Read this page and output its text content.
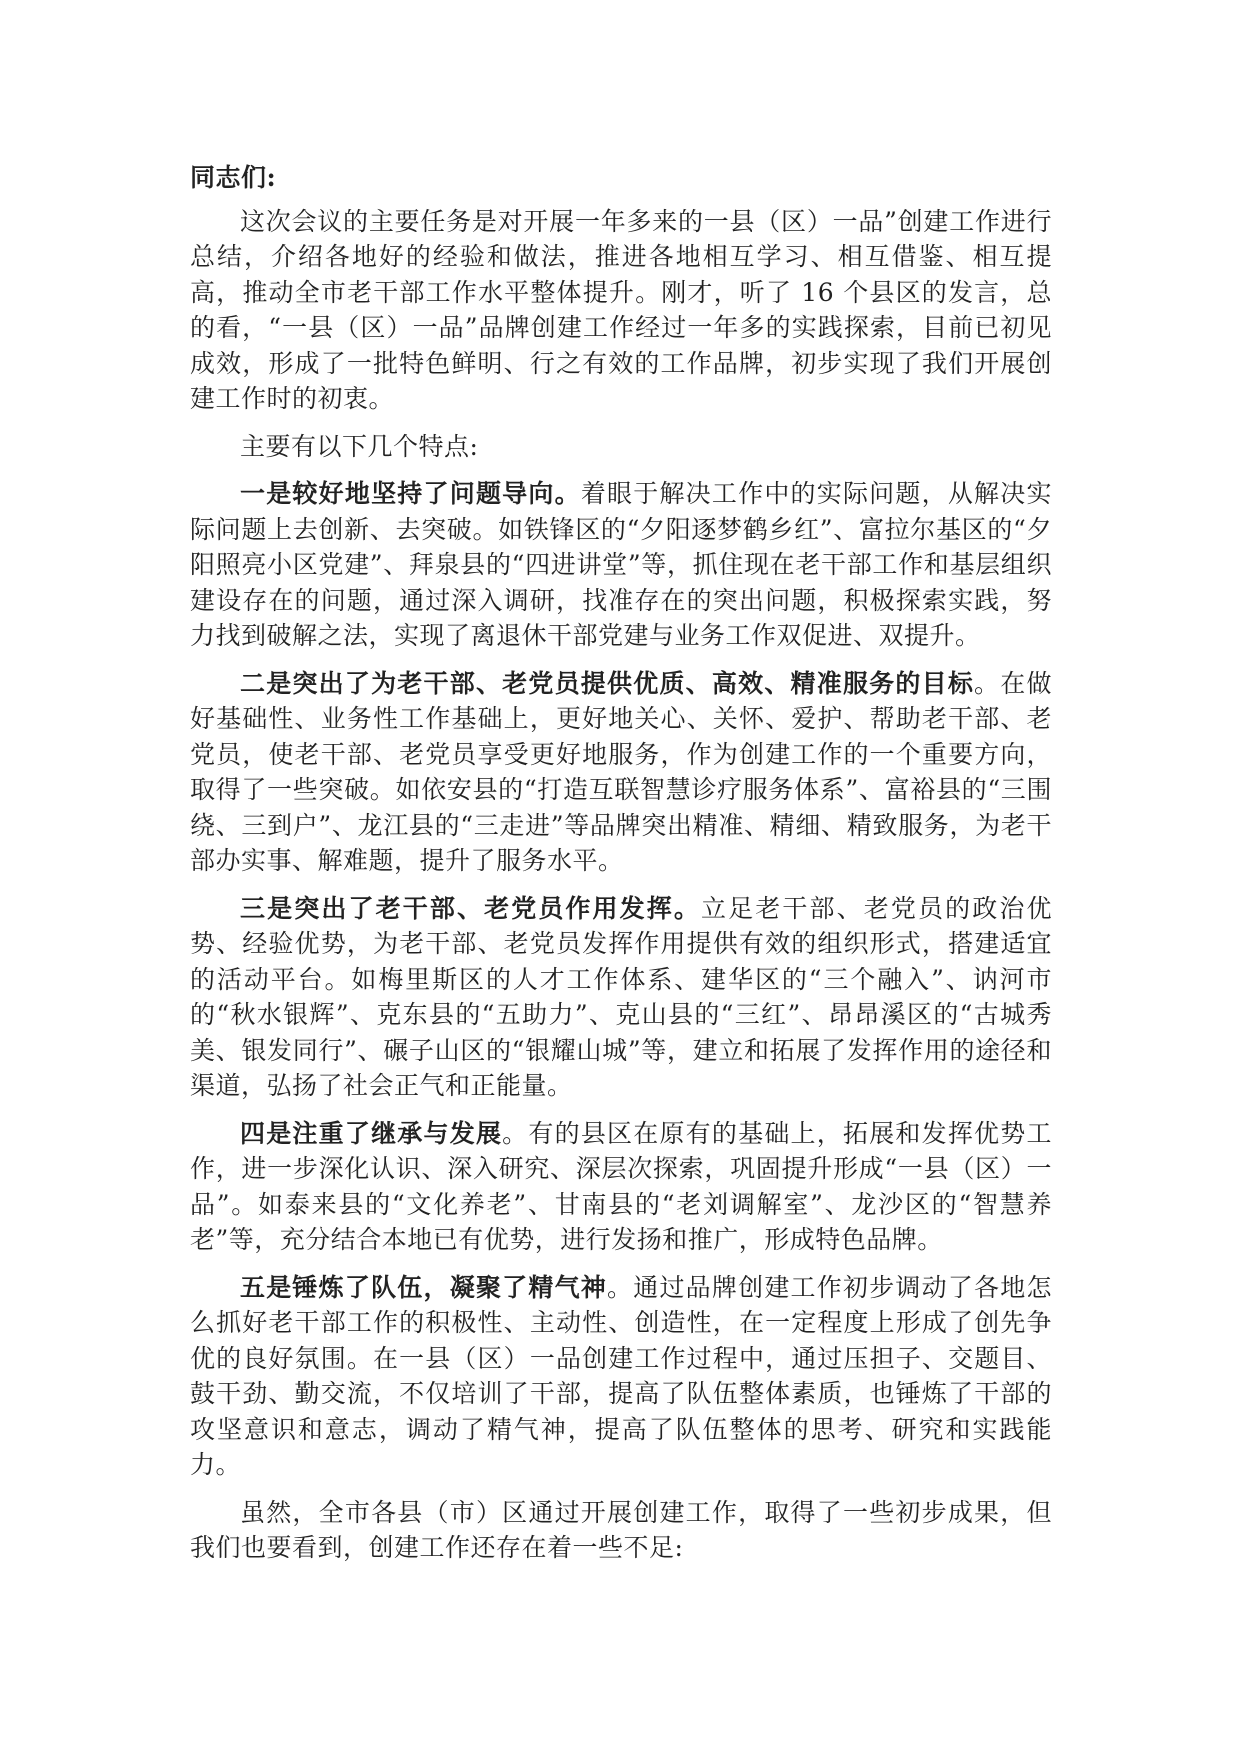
同志们:

这次会议的主要任务是对开展一年多来的一县（区）一品”创建工作进行总结，介绍各地好的经验和做法，推进各地相互学习、相互借鉴、相互提高，推动全市老干部工作水平整体提升。刚才，听了 16 个县区的发言，总的看，“一县（区）一品”品牌创建工作经过一年多的实践探索，目前已初见成效，形成了一批特色鲜明、行之有效的工作品牌，初步实现了我们开展创建工作时的初衷。

主要有以下几个特点:

一是较好地坚持了问题导向。着眼于解决工作中的实际问题，从解决实际问题上去创新、去突破。如铁锋区的“夕阳逐梦鹤乡红”、富拉尔基区的“夕阳照亮小区党建”、拜泉县的“四进讲堂”等，抓住现在老干部工作和基层组织建设存在的问题，通过深入调研，找准存在的突出问题，积极探索实践，努力找到破解之法，实现了离退休干部党建与业务工作双促进、双提升。

二是突出了为老干部、老党员提供优质、高效、精准服务的目标。在做好基础性、业务性工作基础上，更好地关心、关怀、爱护、帮助老干部、老党员，使老干部、老党员享受更好地服务，作为创建工作的一个重要方向，取得了一些突破。如依安县的“打造互联智慧诊疗服务体系”、富裕县的“三围绕、三到户”、龙江县的“三走进”等品牌突出精准、精细、精致服务，为老干部办实事、解难题，提升了服务水平。

三是突出了老干部、老党员作用发挥。立足老干部、老党员的政治优势、经验优势，为老干部、老党员发挥作用提供有效的组织形式，搭建适宜的活动平台。如梅里斯区的人才工作体系、建华区的“三个融入”、讷河市的“秋水银辉”、克东县的“五助力”、克山县的“三红”、昂昂溪区的“古城秀美、银发同行”、碾子山区的“银耀山城”等，建立和拓展了发挥作用的途径和渠道，弘扬了社会正气和正能量。

四是注重了继承与发展。有的县区在原有的基础上，拓展和发挥优势工作，进一步深化认识、深入研究、深层次探索，巩固提升形成“一县（区）一品”。如泰来县的“文化养老”、甘南县的“老刘调解室”、龙沙区的“智慧养老”等，充分结合本地已有优势，进行发扬和推广，形成特色品牌。

五是锤炼了队伍，凝聚了精气神。通过品牌创建工作初步调动了各地怎么抓好老干部工作的积极性、主动性、创造性，在一定程度上形成了创先争优的良好氛围。在一县（区）一品创建工作过程中，通过压担子、交题目、鼓干劲、勤交流，不仅培训了干部，提高了队伍整体素质，也锤炼了干部的攻坚意识和意志，调动了精气神，提高了队伍整体的思考、研究和实践能力。

虽然，全市各县（市）区通过开展创建工作，取得了一些初步成果，但我们也要看到，创建工作还存在着一些不足:
